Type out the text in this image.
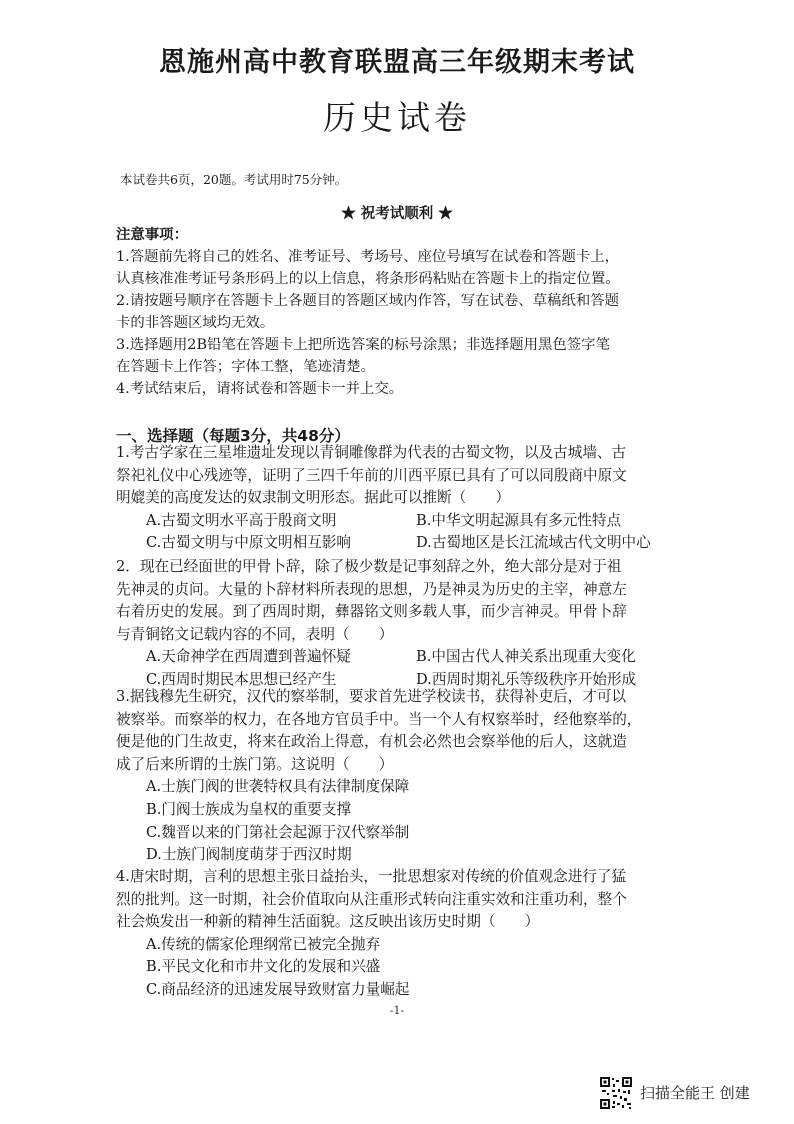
恩施州高中教育联盟高三年级期末考试
历史试卷
本试卷共6页，20题。考试用时75分钟。
★ 祝考试顺利 ★
注意事项：
1.答题前先将自己的姓名、准考证号、考场号、座位号填写在试卷和答题卡上，
认真核准准考证号条形码上的以上信息，将条形码粘贴在答题卡上的指定位置。
2.请按题号顺序在答题卡上各题目的答题区域内作答，写在试卷、草稿纸和答题
卡的非答题区域均无效。
3.选择题用2B铅笔在答题卡上把所选答案的标号涂黑；非选择题用黑色签字笔
在答题卡上作答；字体工整，笔迹清楚。
4.考试结束后，请将试卷和答题卡一并上交。
一、选择题（每题3分，共48分）
1.考古学家在三星堆遗址发现以青铜雕像群为代表的古蜀文物，以及古城墙、古
祭祀礼仪中心残迹等，证明了三四千年前的川西平原已具有了可以同殷商中原文
明媲美的高度发达的奴隶制文明形态。据此可以推断（　　）
A.古蜀文明水平高于殷商文明	B.中华文明起源具有多元性特点
C.古蜀文明与中原文明相互影响	D.古蜀地区是长江流域古代文明中心
2．现在已经面世的甲骨卜辞，除了极少数是记事刻辞之外，绝大部分是对于祖
先神灵的贞问。大量的卜辞材料所表现的思想，乃是神灵为历史的主宰，神意左
右着历史的发展。到了西周时期，彝器铭文则多载人事，而少言神灵。甲骨卜辞
与青铜铭文记载内容的不同，表明（　　）
A.天命神学在西周遭到普遍怀疑	B.中国古代人神关系出现重大变化
C.西周时期民本思想已经产生	D.西周时期礼乐等级秩序开始形成
3.据钱穆先生研究，汉代的察举制，要求首先进学校读书，获得补吏后，才可以
被察举。而察举的权力，在各地方官员手中。当一个人有权察举时，经他察举的，
便是他的门生故吏，将来在政治上得意，有机会必然也会察举他的后人，这就造
成了后来所谓的士族门第。这说明（　　）
A.士族门阀的世袭特权具有法律制度保障
B.门阀士族成为皇权的重要支撑
C.魏晋以来的门第社会起源于汉代察举制
D.士族门阀制度萌芽于西汉时期
4.唐宋时期，言利的思想主张日益抬头，一批思想家对传统的价值观念进行了猛
烈的批判。这一时期，社会价值取向从注重形式转向注重实效和注重功利，整个
社会焕发出一种新的精神生活面貌。这反映出该历史时期（　　）
A.传统的儒家伦理纲常已被完全抛弃
B.平民文化和市井文化的发展和兴盛
C.商品经济的迅速发展导致财富力量崛起
-1-
扫描全能王 创建
